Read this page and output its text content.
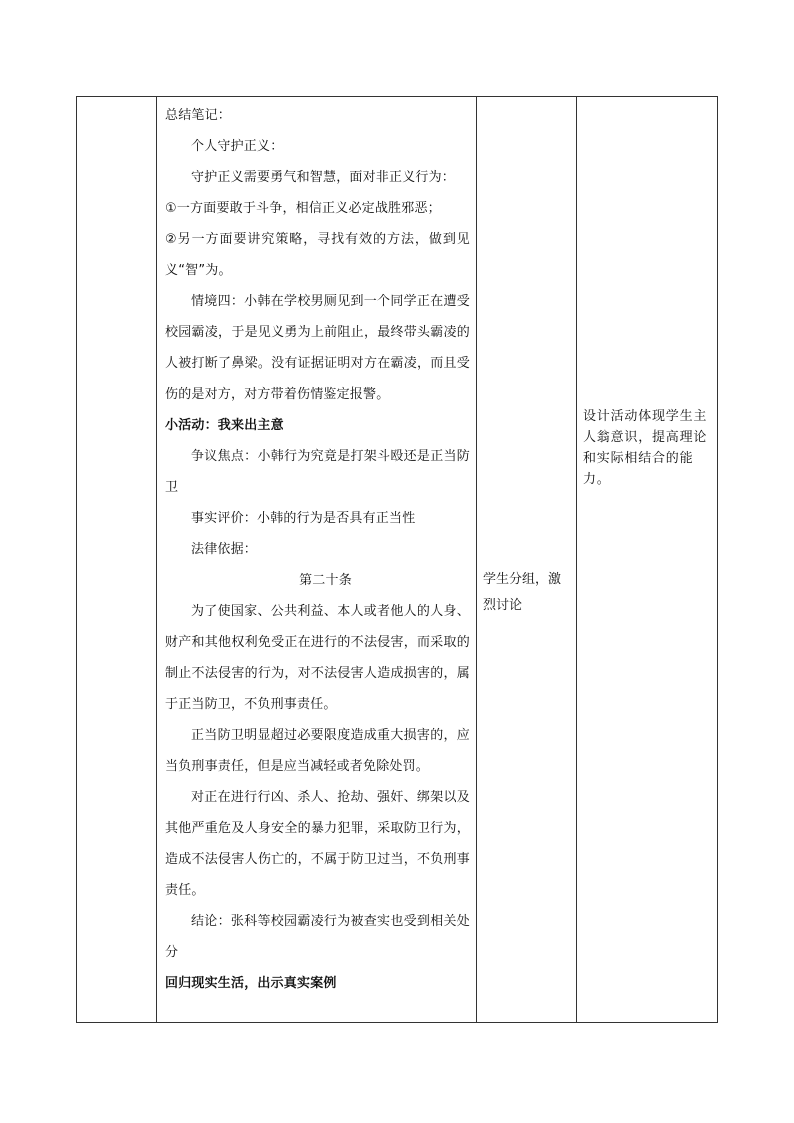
总结笔记：

个人守护正义：

守护正义需要勇气和智慧，面对非正义行为：

①一方面要敢于斗争，相信正义必定战胜邪恶；

②另一方面要讲究策略，寻找有效的方法，做到见义“智”为。

情境四：小韩在学校男厕见到一个同学正在遭受校园霸凌，于是见义勇为上前阻止，最终带头霸凌的人被打断了鼻梁。没有证据证明对方在霸凌，而且受伤的是对方，对方带着伤情鉴定报警。

小活动：我来出主意

争议焦点：小韩行为究竟是打架斗殴还是正当防卫

事实评价：小韩的行为是否具有正当性

法律依据：

第二十条

为了使国家、公共利益、本人或者他人的人身、财产和其他权利免受正在进行的不法侵害，而采取的制止不法侵害的行为，对不法侵害人造成损害的，属于正当防卫，不负刑事责任。

正当防卫明显超过必要限度造成重大损害的，应当负刑事责任，但是应当减轻或者免除处罚。

对正在进行行凶、杀人、抢劫、强奸、绑架以及其他严重危及人身安全的暴力犯罪，采取防卫行为，造成不法侵害人伤亡的，不属于防卫过当，不负刑事责任。

结论：张科等校园霸凌行为被查实也受到相关处分

回归现实生活，出示真实案例

学生分组，激烈讨论

设计活动体现学生主人翁意识，提高理论和实际相结合的能力。
